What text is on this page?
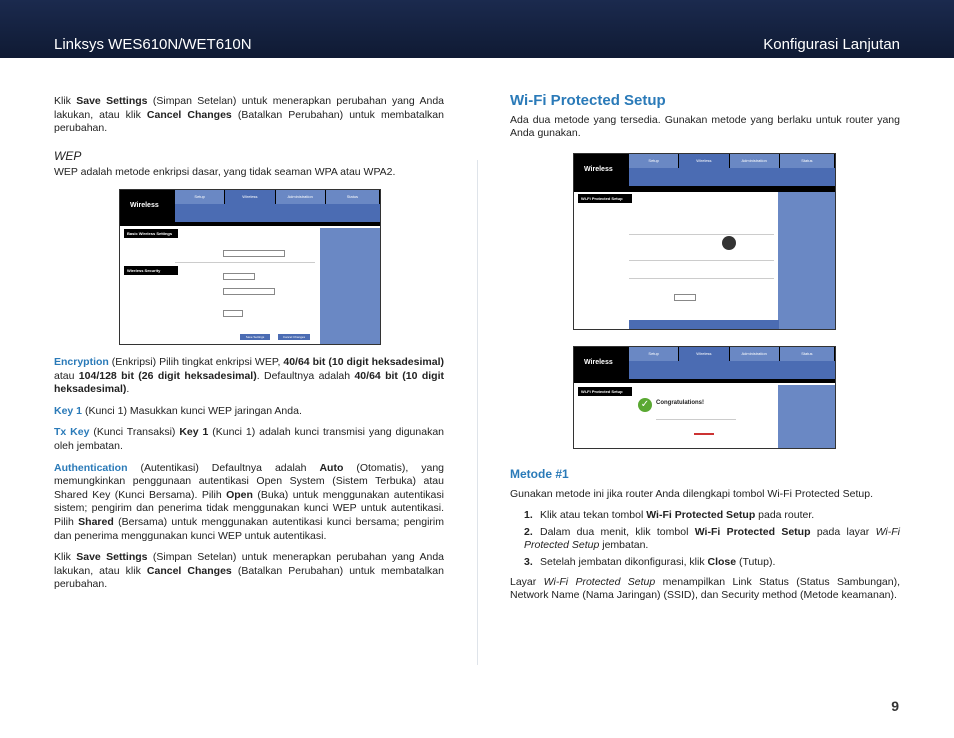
Linksys WES610N/WET610N	Konfigurasi Lanjutan

Klik Save Settings (Simpan Setelan) untuk menerapkan perubahan yang Anda lakukan, atau klik Cancel Changes (Batalkan Perubahan) untuk membatalkan perubahan.

WEP

WEP adalah metode enkripsi dasar, yang tidak seaman WPA atau WPA2.

Wireless
Setup	Wireless	Administration	Status
Basic Wireless Settings
Wireless Security
Save Settings	Cancel Changes

Encryption (Enkripsi) Pilih tingkat enkripsi WEP, 40/64 bit (10 digit heksadesimal) atau 104/128 bit (26 digit heksadesimal). Defaultnya adalah 40/64 bit (10 digit heksadesimal).

Key 1 (Kunci 1) Masukkan kunci WEP jaringan Anda.

Tx Key (Kunci Transaksi) Key 1 (Kunci 1) adalah kunci transmisi yang digunakan oleh jembatan.

Authentication (Autentikasi) Defaultnya adalah Auto (Otomatis), yang memungkinkan penggunaan autentikasi Open System (Sistem Terbuka) atau Shared Key (Kunci Bersama). Pilih Open (Buka) untuk menggunakan autentikasi sistem; pengirim dan penerima tidak menggunakan kunci WEP untuk autentikasi. Pilih Shared (Bersama) untuk menggunakan autentikasi kunci bersama; pengirim dan penerima menggunakan kunci WEP untuk autentikasi.

Klik Save Settings (Simpan Setelan) untuk menerapkan perubahan yang Anda lakukan, atau klik Cancel Changes (Batalkan Perubahan) untuk membatalkan perubahan.

Wi-Fi Protected Setup

Ada dua metode yang tersedia. Gunakan metode yang berlaku untuk router yang Anda gunakan.

Wireless
Setup	Wireless	Administration	Status
Wi-Fi Protected Setup
Wireless
Setup	Wireless	Administration	Status
Wi-Fi Protected Setup
✓	Congratulations!
Metode #1

Gunakan metode ini jika router Anda dilengkapi tombol Wi-Fi Protected Setup.

1. Klik atau tekan tombol Wi-Fi Protected Setup pada router.
2. Dalam dua menit, klik tombol Wi-Fi Protected Setup pada layar Wi-Fi Protected Setup jembatan.
3. Setelah jembatan dikonfigurasi, klik Close (Tutup).

Layar Wi-Fi Protected Setup menampilkan Link Status (Status Sambungan), Network Name (Nama Jaringan) (SSID), dan Security method (Metode keamanan).

9
